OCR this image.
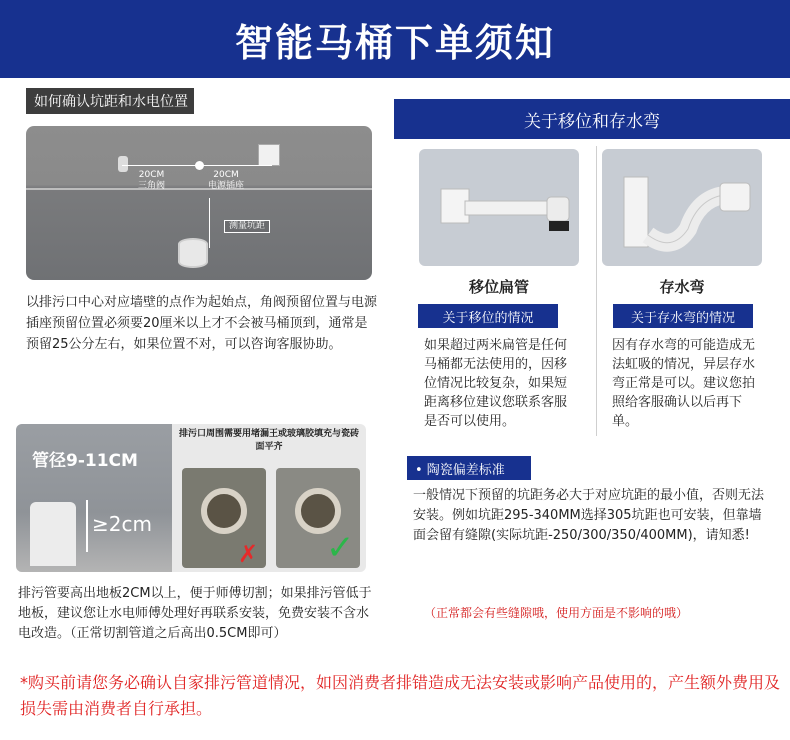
智能马桶下单须知
如何确认坑距和水电位置
20CM
三角阀
20CM
电源插座
测量坑距
以排污口中心对应墙壁的点作为起始点，角阀预留位置与电源插座预留位置必须要20厘米以上才不会被马桶顶到，通常是预留25公分左右，如果位置不对，可以咨询客服协助。
关于移位和存水弯
移位扁管	存水弯
关于移位的情况	关于存水弯的情况
如果超过两米扁管是任何马桶都无法使用的，因移位情况比较复杂，如果短距离移位建议您联系客服是否可以使用。
因有存水弯的可能造成无法虹吸的情况，异层存水弯正常是可以。建议您拍照给客服确认以后再下单。
• 陶瓷偏差标准
一般情况下预留的坑距务必大于对应坑距的最小值，否则无法安装。例如坑距295-340MM选择305坑距也可安装，但靠墙面会留有缝隙(实际坑距-250/300/350/400MM)，请知悉!
（正常都会有些缝隙哦，使用方面是不影响的哦）
管径9-11CM
≥2cm
排污口周围需要用堵漏王或玻璃胶填充与瓷砖面平齐
✗ ✓
排污管要高出地板2CM以上，便于师傅切割；如果排污管低于地板，建议您让水电师傅处理好再联系安装，免费安装不含水电改造。（正常切割管道之后高出0.5CM即可）
*购买前请您务必确认自家排污管道情况，如因消费者排错造成无法安装或影响产品使用的，产生额外费用及损失需由消费者自行承担。
